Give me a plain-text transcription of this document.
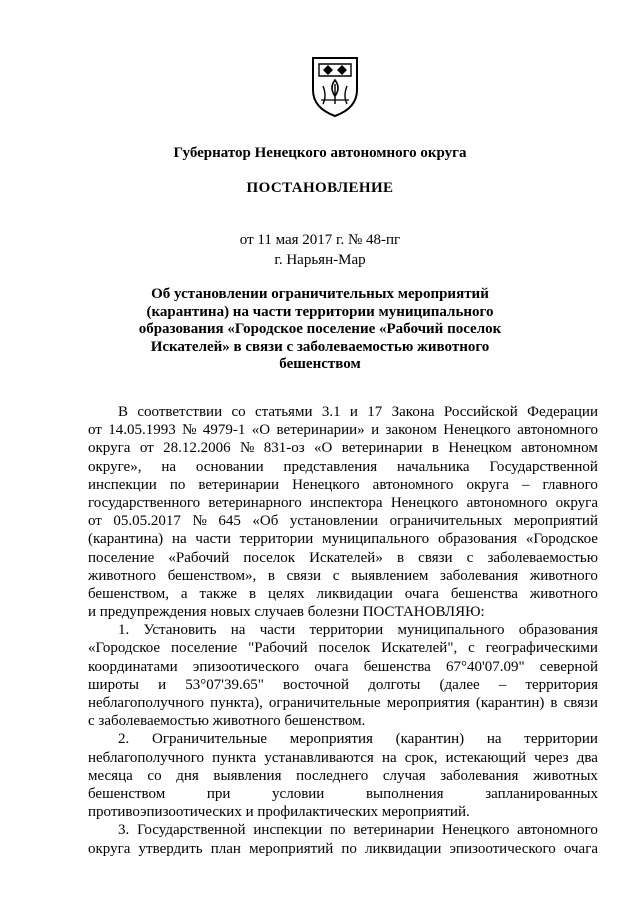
Губернатор Ненецкого автономного округа
ПОСТАНОВЛЕНИЕ
от 11 мая 2017 г. № 48-пг
г. Нарьян-Мар
Об установлении ограничительных мероприятий
(карантина) на части территории муниципального
образования «Городское поселение «Рабочий поселок
Искателей» в связи с заболеваемостью животного
бешенством
В соответствии со статьями 3.1 и 17 Закона Российской Федерации
от 14.05.1993 № 4979-1 «О ветеринарии» и законом Ненецкого автономного
округа от 28.12.2006 № 831-оз «О ветеринарии в Ненецком автономном
округе», на основании представления начальника Государственной
инспекции по ветеринарии Ненецкого автономного округа – главного
государственного ветеринарного инспектора Ненецкого автономного округа
от 05.05.2017 № 645 «Об установлении ограничительных мероприятий
(карантина) на части территории муниципального образования «Городское
поселение «Рабочий поселок Искателей» в связи с заболеваемостью
животного бешенством», в связи с выявлением заболевания животного
бешенством, а также в целях ликвидации очага бешенства животного
и предупреждения новых случаев болезни ПОСТАНОВЛЯЮ:
1. Установить на части территории муниципального образования
«Городское поселение "Рабочий поселок Искателей", с географическими
координатами эпизоотического очага бешенства 67°40'07.09" северной
широты и 53°07'39.65" восточной долготы (далее – территория
неблагополучного пункта), ограничительные мероприятия (карантин) в связи
с заболеваемостью животного бешенством.
2. Ограничительные мероприятия (карантин) на территории
неблагополучного пункта устанавливаются на срок, истекающий через два
месяца со дня выявления последнего случая заболевания животных
бешенством	при	условии	выполнения	запланированных
противоэпизоотических и профилактических мероприятий.
3. Государственной инспекции по ветеринарии Ненецкого автономного
округа утвердить план мероприятий по ликвидации эпизоотического очага
